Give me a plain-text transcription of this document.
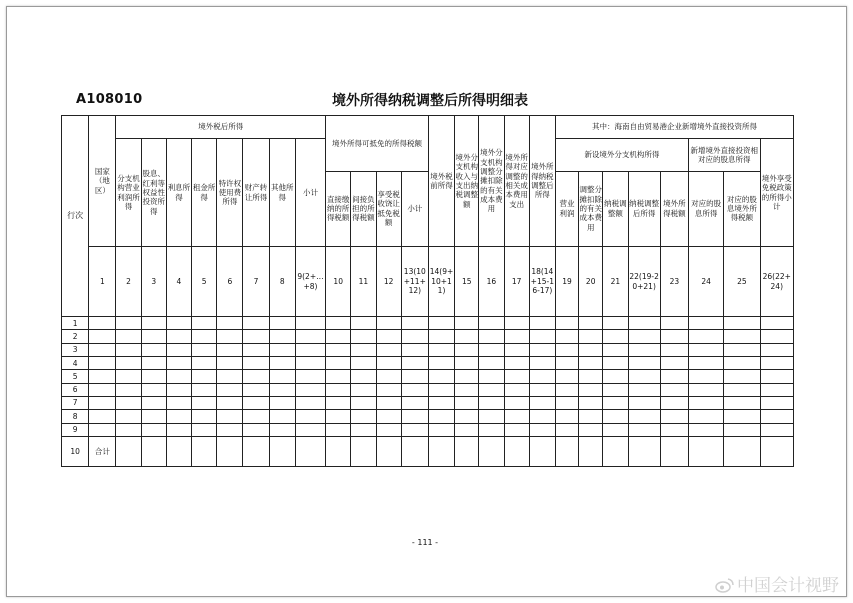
A108010	境外所得纳税调整后所得明细表
行次	国家（地区）	境外税后所得								境外所得可抵免的所得税额				境外税前所得	境外分支机构收入与支出纳税调整额	境外分支机构调整分摊扣除的有关成本费用	境外所得对应调整的相关成本费用支出	境外所得纳税调整后所得	其中：海南自由贸易港企业新增境外直接投资所得							
		分支机构营业利润所得	股息、红利等权益性投资所得	利息所得	租金所得	特许权使用费所得	财产转让所得	其他所得	小计										新设境外分支机构所得					新增境外直接投资相对应的股息所得		境外享受免税政策的所得小计
										直接缴纳的所得税额	间接负担的所得税额	享受税收饶让抵免税额	小计						营业利润	调整分摊扣除的有关成本费用	纳税调整额	纳税调整后所得	境外所得税额	对应的股息所得	对应的股息境外所得税额	
	1	2	3	4	5	6	7	8	9(2+…+8)	10	11	12	13(10+11+12)	14(9+10+11)	15	16	17	18(14+15-16-17)	19	20	21	22(19-20+21)	23	24	25	26(22+24)
1																										
2																										
3																										
4																										
5																										
6																										
7																										
8																										
9																										
10	合计																									
- 111 -
中国会计视野
